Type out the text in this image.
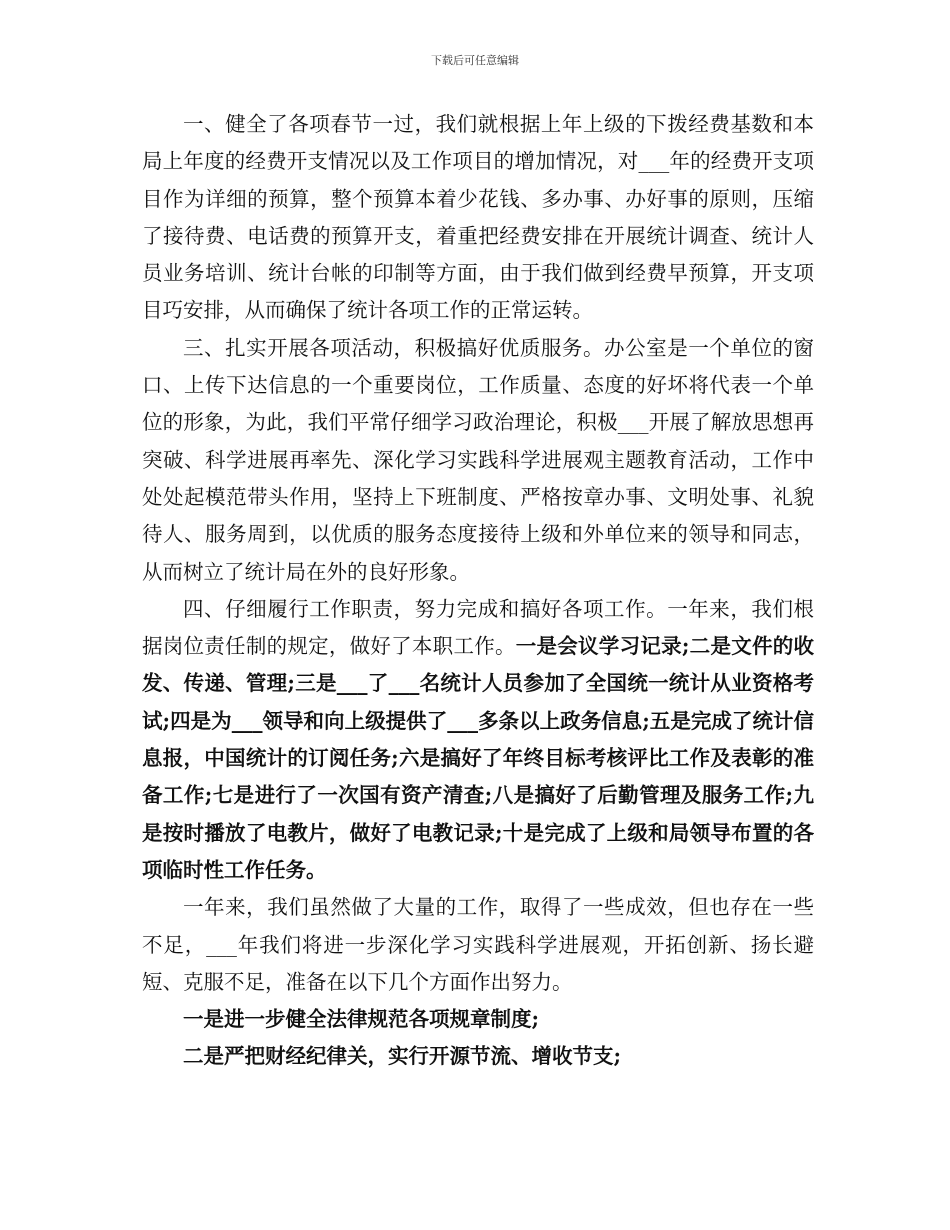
下载后可任意编辑

一、健全了各项春节一过，我们就根据上年上级的下拨经费基数和本局上年度的经费开支情况以及工作项目的增加情况，对___年的经费开支项目作为详细的预算，整个预算本着少花钱、多办事、办好事的原则，压缩了接待费、电话费的预算开支，着重把经费安排在开展统计调查、统计人员业务培训、统计台帐的印制等方面，由于我们做到经费早预算，开支项目巧安排，从而确保了统计各项工作的正常运转。

三、扎实开展各项活动，积极搞好优质服务。办公室是一个单位的窗口、上传下达信息的一个重要岗位，工作质量、态度的好坏将代表一个单位的形象，为此，我们平常仔细学习政治理论，积极___开展了解放思想再突破、科学进展再率先、深化学习实践科学进展观主题教育活动，工作中处处起模范带头作用，坚持上下班制度、严格按章办事、文明处事、礼貌待人、服务周到，以优质的服务态度接待上级和外单位来的领导和同志，从而树立了统计局在外的良好形象。

四、仔细履行工作职责，努力完成和搞好各项工作。一年来，我们根据岗位责任制的规定，做好了本职工作。一是会议学习记录;二是文件的收发、传递、管理;三是___了___名统计人员参加了全国统一统计从业资格考试;四是为___领导和向上级提供了___多条以上政务信息;五是完成了统计信息报，中国统计的订阅任务;六是搞好了年终目标考核评比工作及表彰的准备工作;七是进行了一次国有资产清查;八是搞好了后勤管理及服务工作;九是按时播放了电教片，做好了电教记录;十是完成了上级和局领导布置的各项临时性工作任务。

一年来，我们虽然做了大量的工作，取得了一些成效，但也存在一些不足，___年我们将进一步深化学习实践科学进展观，开拓创新、扬长避短、克服不足，准备在以下几个方面作出努力。

一是进一步健全法律规范各项规章制度;

二是严把财经纪律关，实行开源节流、增收节支;
